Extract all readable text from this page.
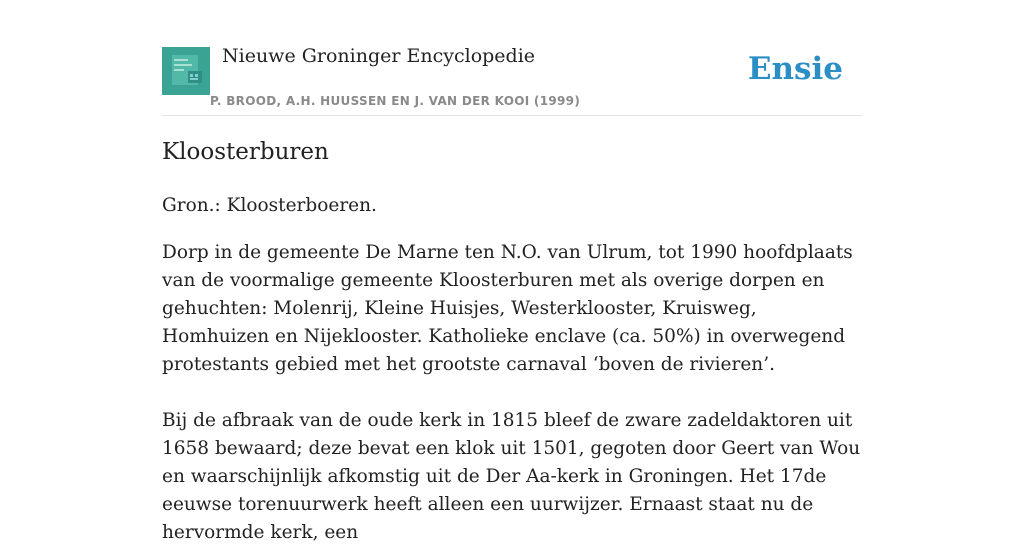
Nieuwe Groninger Encyclopedie
P. BROOD, A.H. HUUSSEN EN J. VAN DER KOOI (1999)
Ensie
Kloosterburen

Gron.: Kloosterboeren.

Dorp in de gemeente De Marne ten N.O. van Ulrum, tot 1990 hoofdplaats van de voormalige gemeente Kloosterburen met als overige dorpen en gehuchten: Molenrij, Kleine Huisjes, Westerklooster, Kruisweg, Homhuizen en Nijeklooster. Katholieke enclave (ca. 50%) in overwegend protestants gebied met het grootste carnaval ‘boven de rivieren’.

Bij de afbraak van de oude kerk in 1815 bleef de zware zadeldaktoren uit 1658 bewaard; deze bevat een klok uit 1501, gegoten door Geert van Wou en waarschijnlijk afkomstig uit de Der Aa-kerk in Groningen. Het 17de eeuwse torenuurwerk heeft alleen een uurwijzer. Ernaast staat nu de hervormde kerk, een
